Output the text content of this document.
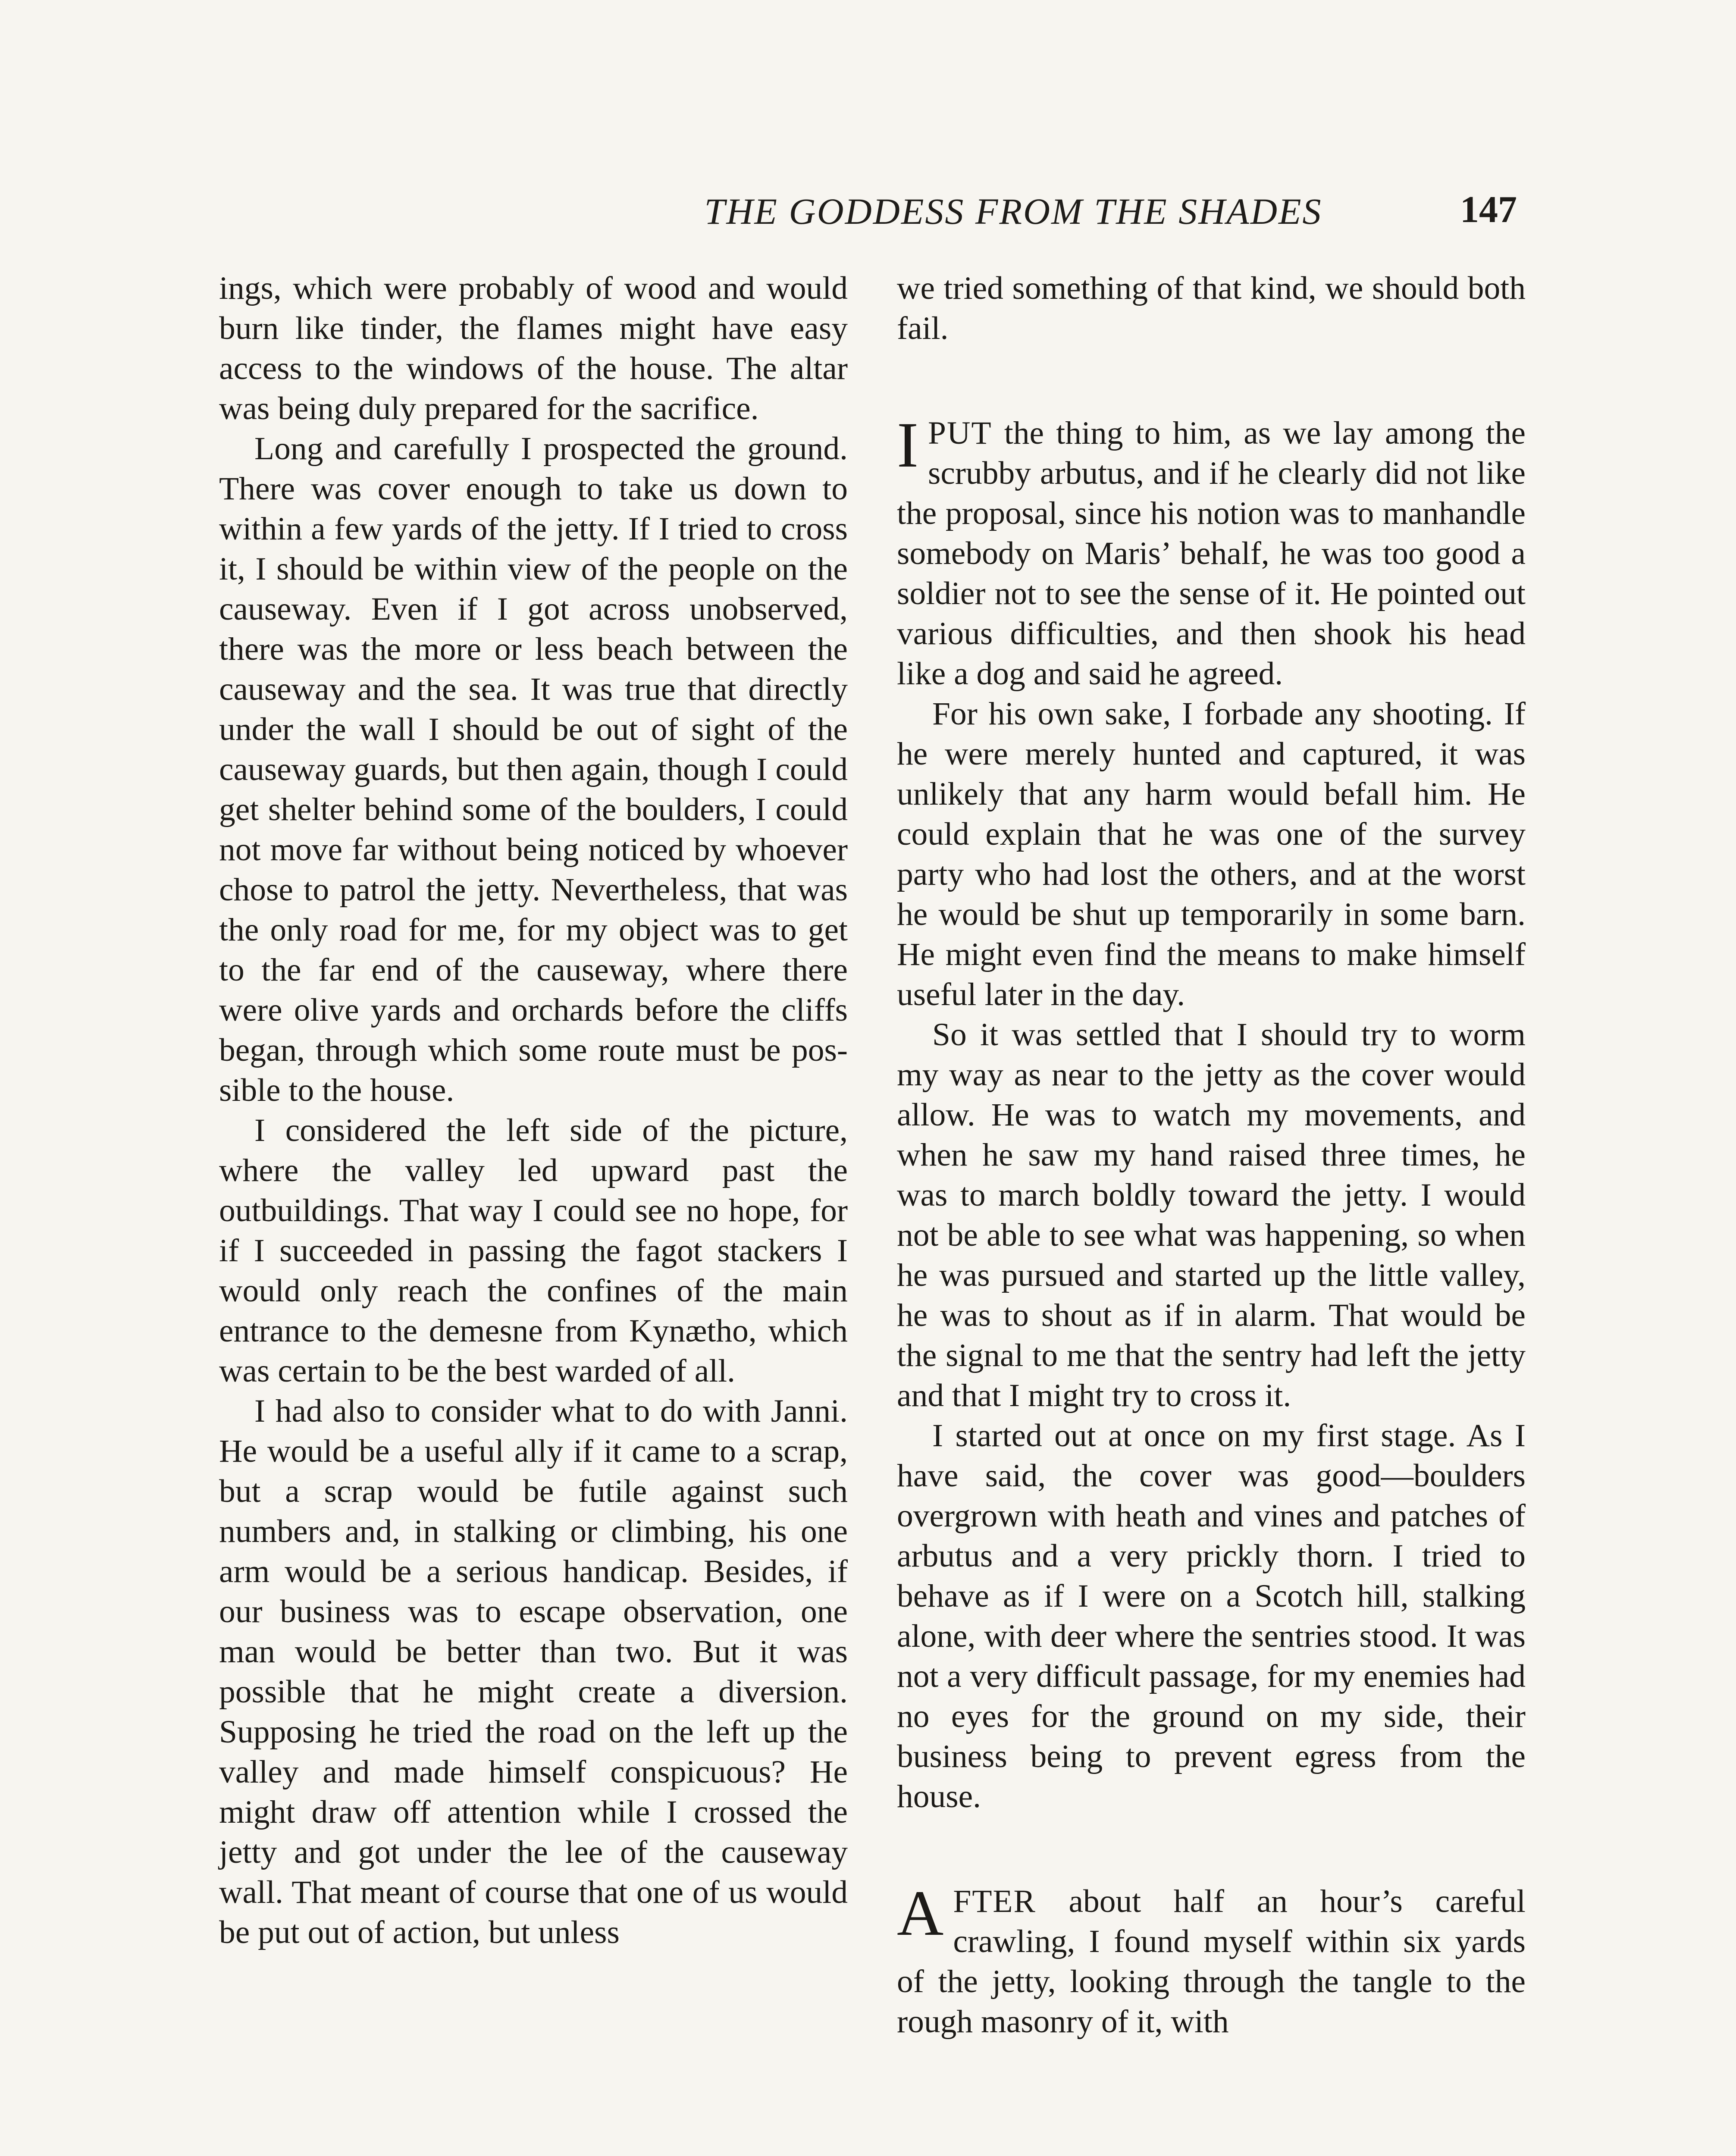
THE GODDESS FROM THE SHADES	147

ings, which were probably of wood and would burn like tinder, the flames might have easy access to the windows of the house. The altar was being duly prepared for the sacrifice.

Long and carefully I prospected the ground. There was cover enough to take us down to within a few yards of the jetty. If I tried to cross it, I should be within view of the people on the causeway. Even if I got across unobserved, there was the more or less beach between the causeway and the sea. It was true that directly under the wall I should be out of sight of the causeway guards, but then again, though I could get shelter behind some of the boulders, I could not move far without being noticed by whoever chose to patrol the jetty. Nevertheless, that was the only road for me, for my object was to get to the far end of the causeway, where there were olive yards and orchards before the cliffs began, through which some route must be possible to the house.

I considered the left side of the picture, where the valley led upward past the outbuildings. That way I could see no hope, for if I succeeded in passing the fagot stackers I would only reach the confines of the main entrance to the demesne from Kynætho, which was certain to be the best warded of all.

I had also to consider what to do with Janni. He would be a useful ally if it came to a scrap, but a scrap would be futile against such numbers and, in stalking or climbing, his one arm would be a serious handicap. Besides, if our business was to escape observation, one man would be better than two. But it was possible that he might create a diversion. Supposing he tried the road on the left up the valley and made himself conspicuous? He might draw off attention while I crossed the jetty and got under the lee of the causeway wall. That meant of course that one of us would be put out of action, but unless

we tried something of that kind, we should both fail.

IPUT the thing to him, as we lay among the scrubby arbutus, and if he clearly did not like the proposal, since his notion was to manhandle somebody on Maris’ behalf, he was too good a soldier not to see the sense of it. He pointed out various difficulties, and then shook his head like a dog and said he agreed.

For his own sake, I forbade any shooting. If he were merely hunted and captured, it was unlikely that any harm would befall him. He could explain that he was one of the survey party who had lost the others, and at the worst he would be shut up temporarily in some barn. He might even find the means to make himself useful later in the day.

So it was settled that I should try to worm my way as near to the jetty as the cover would allow. He was to watch my movements, and when he saw my hand raised three times, he was to march boldly toward the jetty. I would not be able to see what was happening, so when he was pursued and started up the little valley, he was to shout as if in alarm. That would be the signal to me that the sentry had left the jetty and that I might try to cross it.

I started out at once on my first stage. As I have said, the cover was good—boulders overgrown with heath and vines and patches of arbutus and a very prickly thorn. I tried to behave as if I were on a Scotch hill, stalking alone, with deer where the sentries stood. It was not a very difficult passage, for my enemies had no eyes for the ground on my side, their business being to prevent egress from the house.

AFTER about half an hour’s careful crawling, I found myself within six yards of the jetty, looking through the tangle to the rough masonry of it, with
